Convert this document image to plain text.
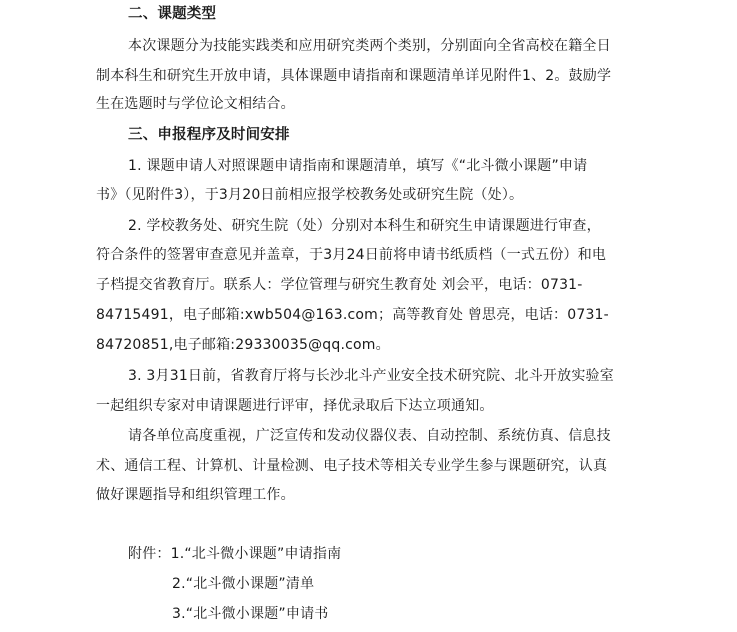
二、课题类型
本次课题分为技能实践类和应用研究类两个类别，分别面向全省高校在籍全日
制本科生和研究生开放申请，具体课题申请指南和课题清单详见附件1、2。鼓励学
生在选题时与学位论文相结合。
三、申报程序及时间安排
1. 课题申请人对照课题申请指南和课题清单，填写《“北斗微小课题”申请
书》（见附件3），于3月20日前相应报学校教务处或研究生院（处）。
2. 学校教务处、研究生院（处）分别对本科生和研究生申请课题进行审查，
符合条件的签署审查意见并盖章，于3月24日前将申请书纸质档（一式五份）和电
子档提交省教育厅。联系人：学位管理与研究生教育处 刘会平，电话：0731-
84715491，电子邮箱:xwb504@163.com；高等教育处 曾思亮，电话：0731-
84720851,电子邮箱:29330035@qq.com。
3. 3月31日前，省教育厅将与长沙北斗产业安全技术研究院、北斗开放实验室
一起组织专家对申请课题进行评审，择优录取后下达立项通知。
请各单位高度重视，广泛宣传和发动仪器仪表、自动控制、系统仿真、信息技
术、通信工程、计算机、计量检测、电子技术等相关专业学生参与课题研究，认真
做好课题指导和组织管理工作。
附件：1.“北斗微小课题”申请指南
2.“北斗微小课题”清单
3.“北斗微小课题”申请书
